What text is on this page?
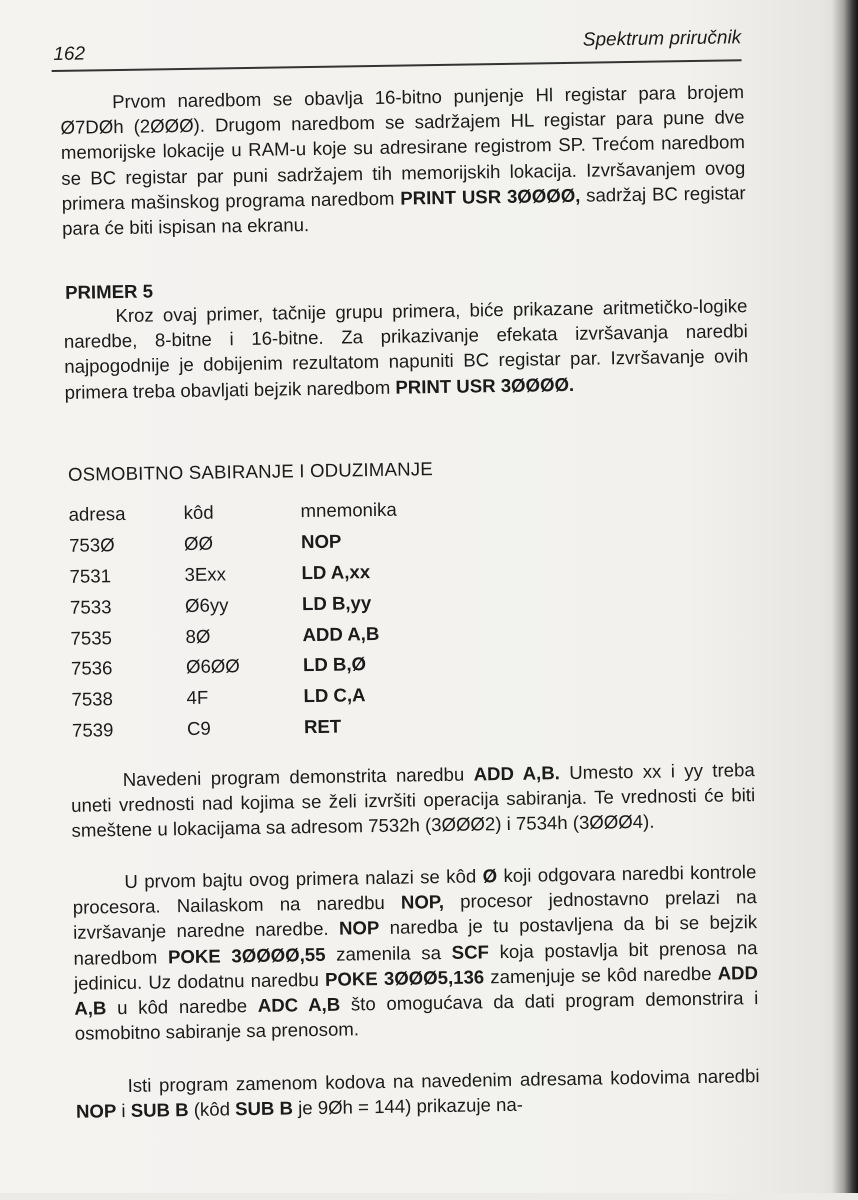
162
Spektrum priručnik
Prvom naredbom se obavlja 16-bitno punjenje Hl registar para brojem Ø7DØh (2ØØØ). Drugom naredbom se sadržajem HL registar para pune dve memorijske lokacije u RAM-u koje su adresirane registrom SP. Trećom naredbom se BC registar par puni sadržajem tih memorijskih lokacija. Izvršavanjem ovog primera mašinskog programa naredbom PRINT USR 3ØØØØ, sadržaj BC registar para će biti ispisan na ekranu.
PRIMER 5
Kroz ovaj primer, tačnije grupu primera, biće prikazane aritmetičko-logike naredbe, 8-bitne i 16-bitne. Za prikazivanje efekata izvršavanja naredbi najpogodnije je dobijenim rezultatom napuniti BC registar par. Izvršavanje ovih primera treba obavljati bejzik naredbom PRINT USR 3ØØØØ.
OSMOBITNO SABIRANJE I ODUZIMANJE
adresa	kôd	mnemonika
753Ø	ØØ	NOP
7531	3Exx	LD A,xx
7533	Ø6yy	LD B,yy
7535	8Ø	ADD A,B
7536	Ø6ØØ	LD B,Ø
7538	4F	LD C,A
7539	C9	RET
Navedeni program demonstrita naredbu ADD A,B. Umesto xx i yy treba uneti vrednosti nad kojima se želi izvršiti operacija sabiranja. Te vrednosti će biti smeštene u lokacijama sa adresom 7532h (3ØØØ2) i 7534h (3ØØØ4).
U prvom bajtu ovog primera nalazi se kôd Ø koji odgovara naredbi kontrole procesora. Nailaskom na naredbu NOP, procesor jednostavno prelazi na izvršavanje naredne naredbe. NOP naredba je tu postavljena da bi se bejzik naredbom POKE 3ØØØØ,55 zamenila sa SCF koja postavlja bit prenosa na jedinicu. Uz dodatnu naredbu POKE 3ØØØ5,136 zamenjuje se kôd naredbe ADD A,B u kôd naredbe ADC A,B što omogućava da dati program demonstrira i osmobitno sabiranje sa prenosom.
Isti program zamenom kodova na navedenim adresama kodovima naredbi NOP i SUB B (kôd SUB B je 9Øh = 144) prikazuje na-
